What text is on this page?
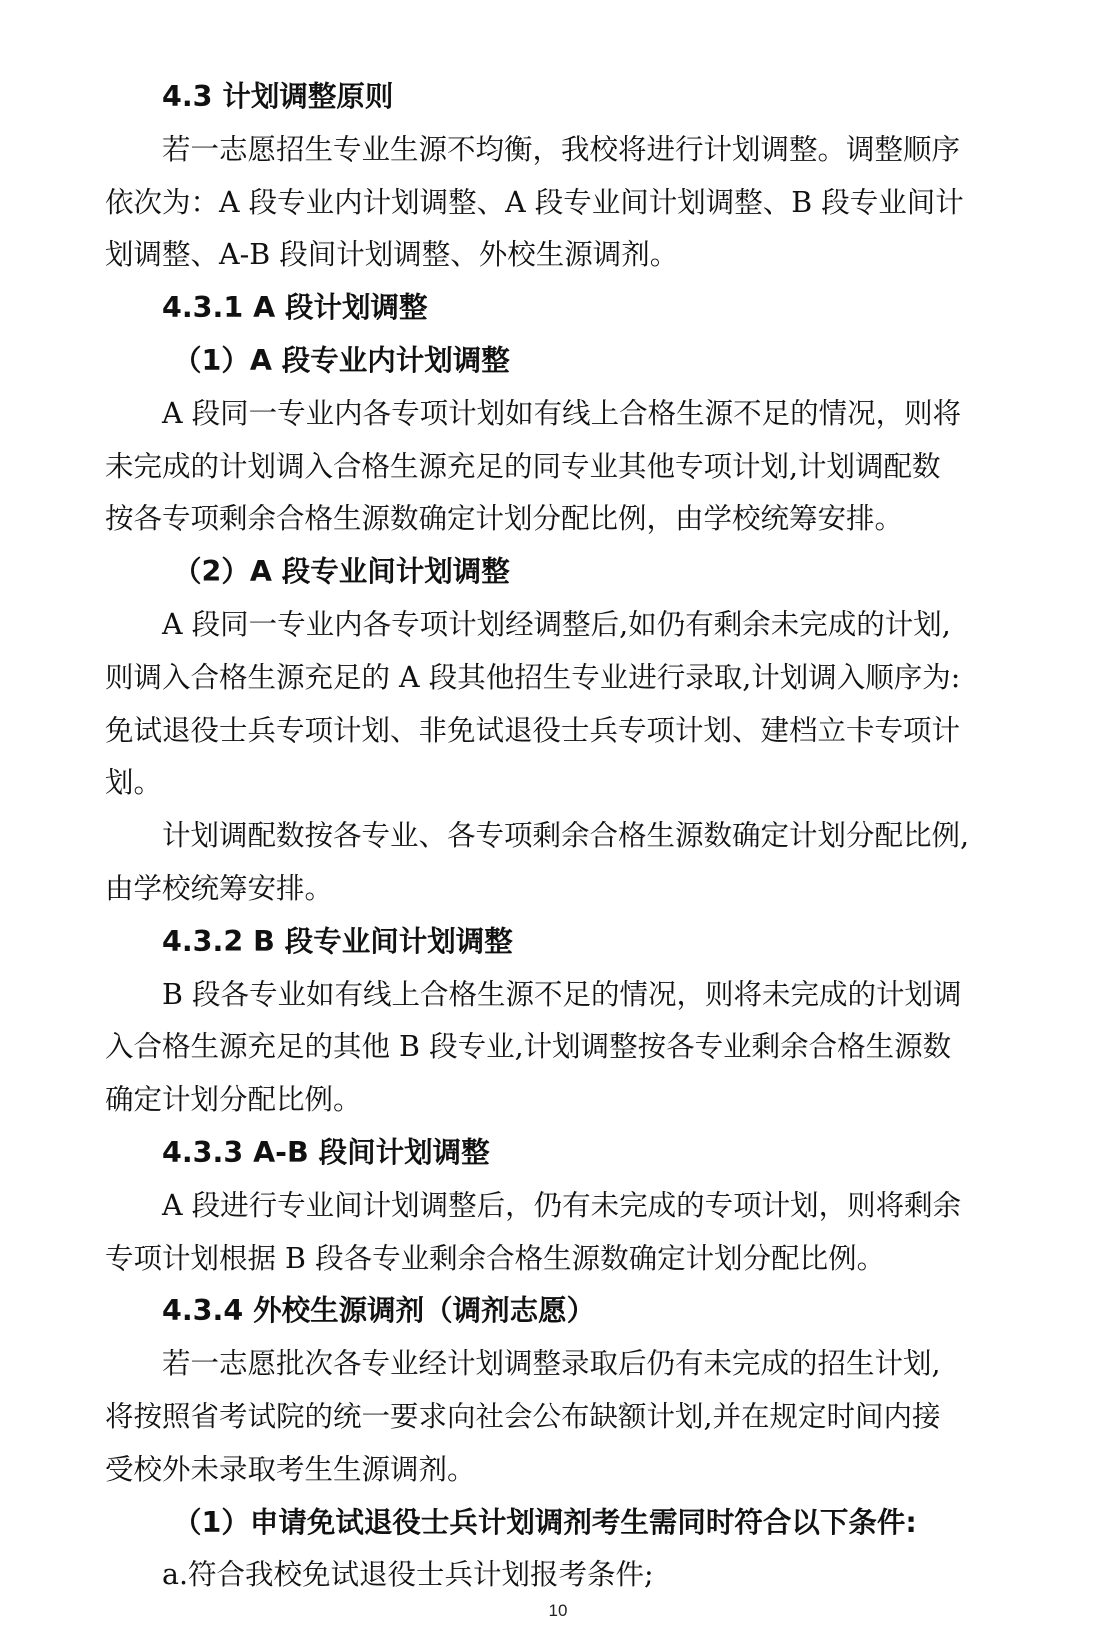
4.3 计划调整原则
若一志愿招生专业生源不均衡，我校将进行计划调整。调整顺序
依次为：A 段专业内计划调整、A 段专业间计划调整、B 段专业间计
划调整、A-B 段间计划调整、外校生源调剂。
4.3.1 A 段计划调整
（1）A 段专业内计划调整
A 段同一专业内各专项计划如有线上合格生源不足的情况，则将
未完成的计划调入合格生源充足的同专业其他专项计划,计划调配数
按各专项剩余合格生源数确定计划分配比例，由学校统筹安排。
（2）A 段专业间计划调整
A 段同一专业内各专项计划经调整后,如仍有剩余未完成的计划,
则调入合格生源充足的 A 段其他招生专业进行录取,计划调入顺序为:
免试退役士兵专项计划、非免试退役士兵专项计划、建档立卡专项计
划。
计划调配数按各专业、各专项剩余合格生源数确定计划分配比例,
由学校统筹安排。
4.3.2 B 段专业间计划调整
B 段各专业如有线上合格生源不足的情况，则将未完成的计划调
入合格生源充足的其他 B 段专业,计划调整按各专业剩余合格生源数
确定计划分配比例。
4.3.3 A-B 段间计划调整
A 段进行专业间计划调整后，仍有未完成的专项计划，则将剩余
专项计划根据 B 段各专业剩余合格生源数确定计划分配比例。
4.3.4 外校生源调剂（调剂志愿）
若一志愿批次各专业经计划调整录取后仍有未完成的招生计划,
将按照省考试院的统一要求向社会公布缺额计划,并在规定时间内接
受校外未录取考生生源调剂。
（1）申请免试退役士兵计划调剂考生需同时符合以下条件:
a.符合我校免试退役士兵计划报考条件;
10
